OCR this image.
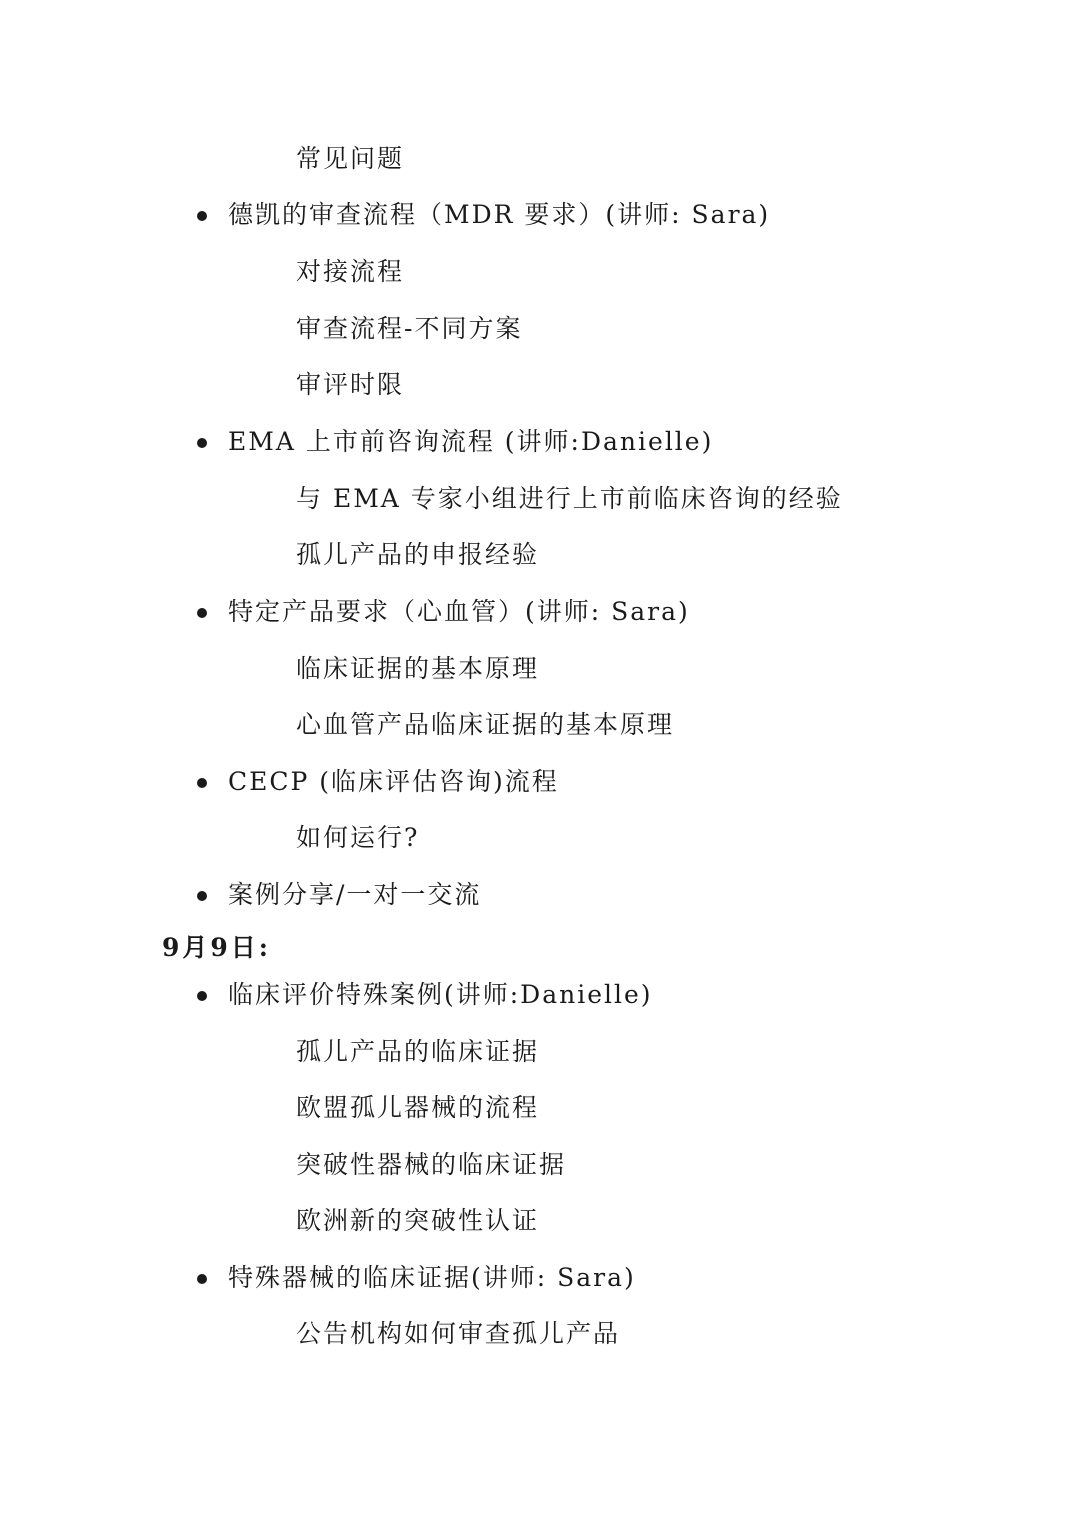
常见问题
德凯的审查流程（MDR 要求）(讲师: Sara)
对接流程
审查流程-不同方案
审评时限
EMA 上市前咨询流程 (讲师:Danielle)
与 EMA 专家小组进行上市前临床咨询的经验
孤儿产品的申报经验
特定产品要求（心血管）(讲师: Sara)
临床证据的基本原理
心血管产品临床证据的基本原理
CECP (临床评估咨询)流程
如何运行?
案例分享/一对一交流
9月9日:
临床评价特殊案例(讲师:Danielle)
孤儿产品的临床证据
欧盟孤儿器械的流程
突破性器械的临床证据
欧洲新的突破性认证
特殊器械的临床证据(讲师: Sara)
公告机构如何审查孤儿产品
